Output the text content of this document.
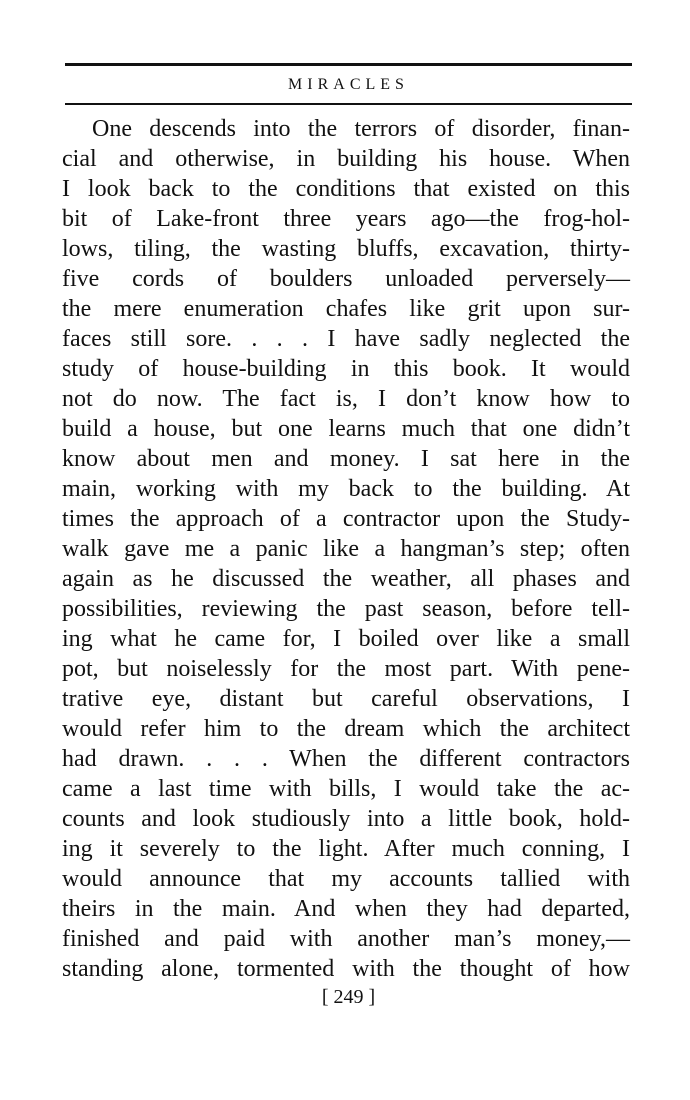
MIRACLES
One descends into the terrors of disorder, finan-
cial and otherwise, in building his house. When
I look back to the conditions that existed on this
bit of Lake-front three years ago—the frog-hol-
lows, tiling, the wasting bluffs, excavation, thirty-
five cords of boulders unloaded perversely—
the mere enumeration chafes like grit upon sur-
faces still sore. . . . I have sadly neglected the
study of house-building in this book. It would
not do now. The fact is, I don’t know how to
build a house, but one learns much that one didn’t
know about men and money. I sat here in the
main, working with my back to the building. At
times the approach of a contractor upon the Study-
walk gave me a panic like a hangman’s step; often
again as he discussed the weather, all phases and
possibilities, reviewing the past season, before tell-
ing what he came for, I boiled over like a small
pot, but noiselessly for the most part. With pene-
trative eye, distant but careful observations, I
would refer him to the dream which the architect
had drawn. . . . When the different contractors
came a last time with bills, I would take the ac-
counts and look studiously into a little book, hold-
ing it severely to the light. After much conning, I
would announce that my accounts tallied with
theirs in the main. And when they had departed,
finished and paid with another man’s money,—
standing alone, tormented with the thought of how
[ 249 ]
